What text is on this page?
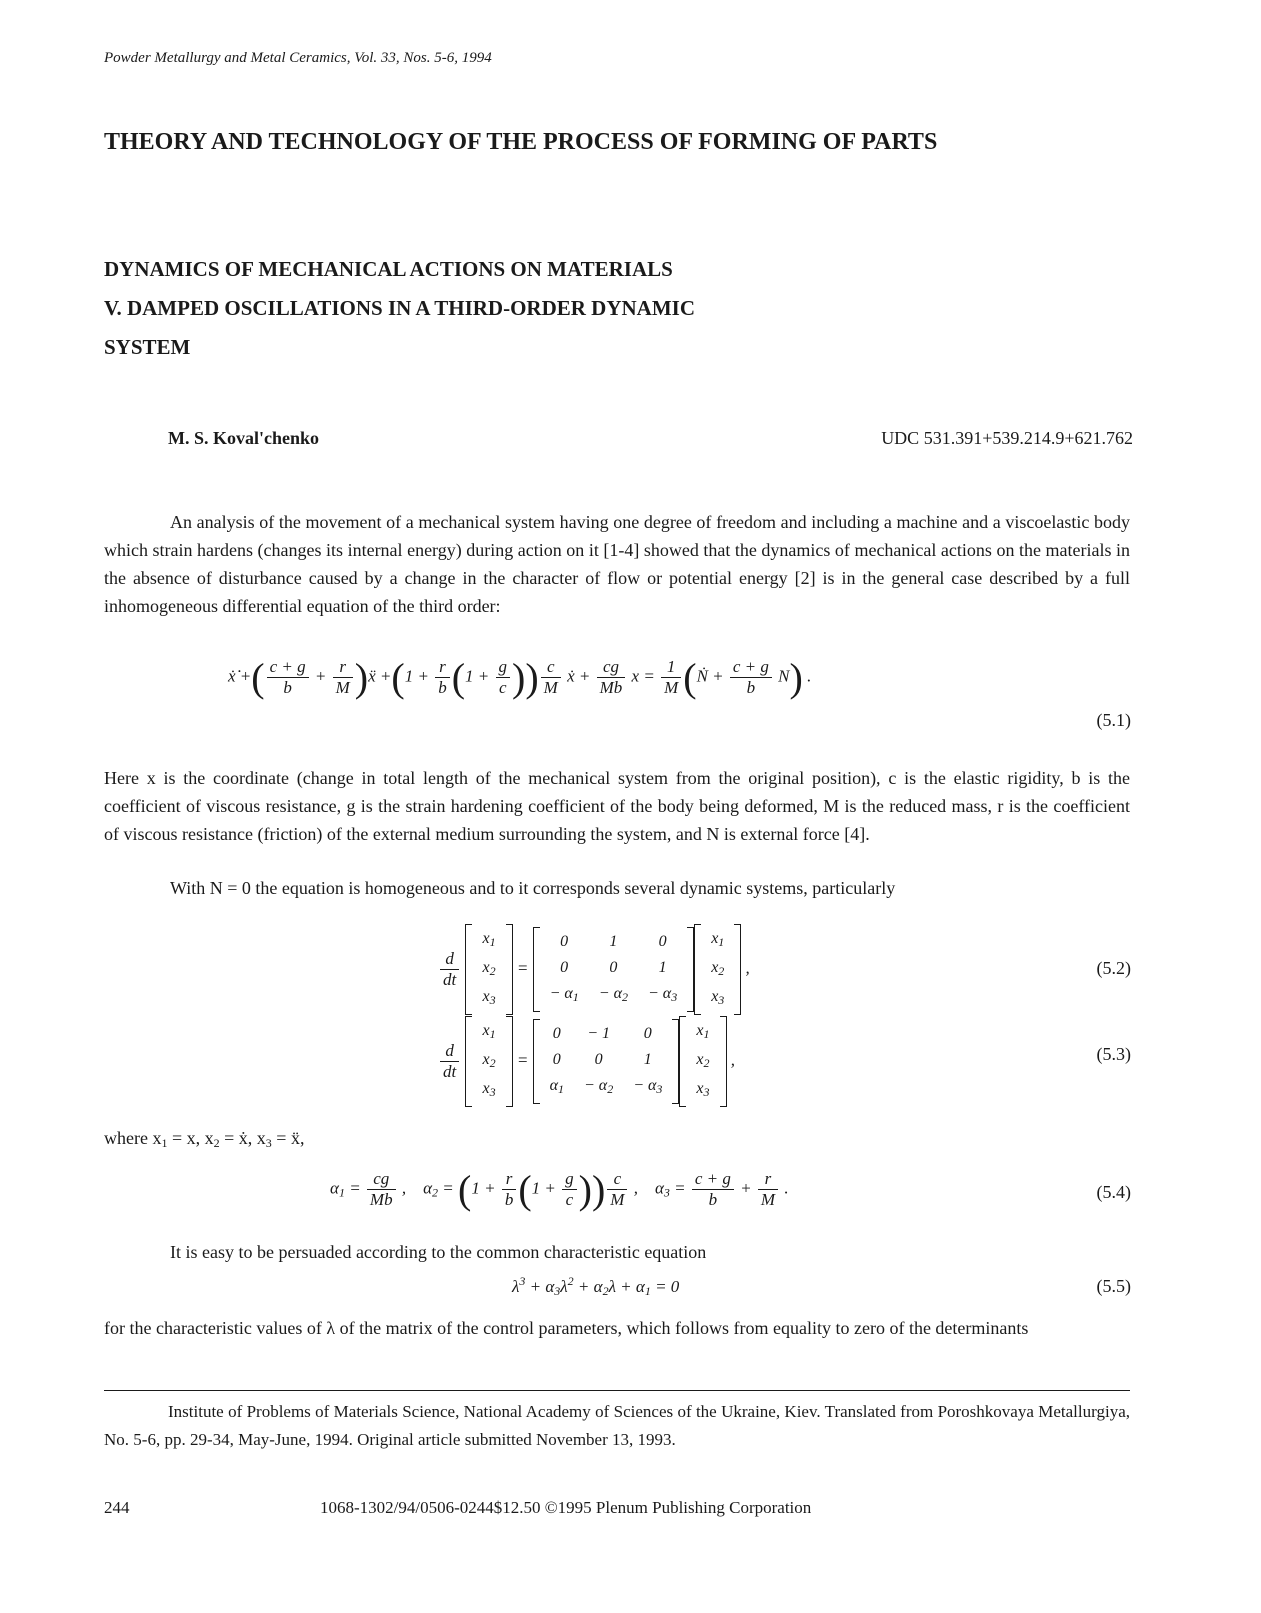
Powder Metallurgy and Metal Ceramics, Vol. 33, Nos. 5-6, 1994
THEORY AND TECHNOLOGY OF THE PROCESS OF FORMING OF PARTS
DYNAMICS OF MECHANICAL ACTIONS ON MATERIALS
V. DAMPED OSCILLATIONS IN A THIRD-ORDER DYNAMIC
SYSTEM
M. S. Koval'chenko	UDC 531.391+539.214.9+621.762
An analysis of the movement of a mechanical system having one degree of freedom and including a machine and a viscoelastic body which strain hardens (changes its internal energy) during action on it [1-4] showed that the dynamics of mechanical actions on the materials in the absence of disturbance caused by a change in the character of flow or potential energy [2] is in the general case described by a full inhomogeneous differential equation of the third order:
ẋ̇̇ +( $\frac{c + g}{b} + \frac{r}{M}$ )ẍ $+(1 + \frac{r}{b} (1 + \frac{g}{c}$ )) $\frac{c}{M}$ ẋ + $\frac{cg}{Mb}$ $x = \frac{1}{M}$ (Ṅ + $\frac{c + g}{b} N$) .
(5.1)
Here x is the coordinate (change in total length of the mechanical system from the original position), c is the elastic rigidity, b is the coefficient of viscous resistance, g is the strain hardening coefficient of the body being deformed, M is the reduced mass, r is the coefficient of viscous resistance (friction) of the external medium surrounding the system, and N is external force [4].
With N = 0 the equation is homogeneous and to it corresponds several dynamic systems, particularly
$\frac{d}{dt}$

$x_1$
$x_2$
$x_3$
=
0	1	0
0	0	1
− $\alpha_1$	− $\alpha_2$	− $\alpha_3$
$x_1$
$x_2$
$x_3$
,	(5.2)
$\frac{d}{dt}$

$x_1$
$x_2$
$x_3$
=
0	− 1	0
0	0	1
$\alpha_1$	− $\alpha_2$	− $\alpha_3$
$x_1$
$x_2$
$x_3$
,	(5.3)
where $x_1 = x$, $x_2$ = ẋ, $x_3$ = ẍ,
$\alpha_1 = \frac{cg}{Mb}$ ,    $\alpha_2 = (1 + \frac{r}{b} (1 + \frac{g}{c}$ )) $\frac{c}{M}$ ,    $\alpha_3 = \frac{c + g}{b} + \frac{r}{M}$ .	(5.4)
It is easy to be persuaded according to the common characteristic equation
$\lambda^3 + \alpha_3\lambda^2 + \alpha_2\lambda + \alpha_1 = 0$	(5.5)
for the characteristic values of λ of the matrix of the control parameters, which follows from equality to zero of the determinants
Institute of Problems of Materials Science, National Academy of Sciences of the Ukraine, Kiev. Translated from Poroshkovaya Metallurgiya, No. 5-6, pp. 29-34, May-June, 1994. Original article submitted November 13, 1993.
244	1068-1302/94/0506-0244$12.50 ©1995 Plenum Publishing Corporation
